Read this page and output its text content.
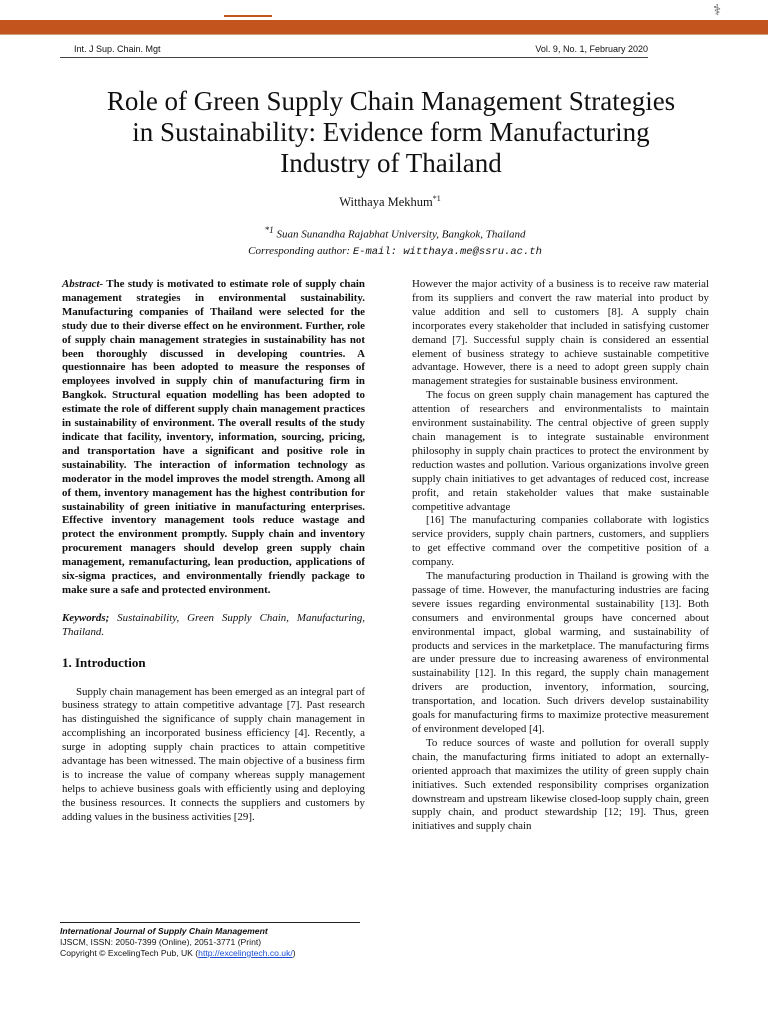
⚕
Int. J Sup. Chain. Mgt	Vol. 9, No. 1, February 2020
Role of Green Supply Chain Management Strategies in Sustainability: Evidence form Manufacturing Industry of Thailand
Witthaya Mekhum$^{*1}$
$^{*1}$ Suan Sunandha Rajabhat University, Bangkok, Thailand
Corresponding author: E-mail: witthaya.me@ssru.ac.th

Abstract- The study is motivated to estimate role of supply chain management strategies in environmental sustainability. Manufacturing companies of Thailand were selected for the study due to their diverse effect on he environment. Further, role of supply chain management strategies in sustainability has not been thoroughly discussed in developing countries. A questionnaire has been adopted to measure the responses of employees involved in supply chin of manufacturing firm in Bangkok. Structural equation modelling has been adopted to estimate the role of different supply chain management practices in sustainability of environment. The overall results of the study indicate that facility, inventory, information, sourcing, pricing, and transportation have a significant and positive role in sustainability. The interaction of information technology as moderator in the model improves the model strength. Among all of them, inventory management has the highest contribution for sustainability of green initiative in manufacturing enterprises. Effective inventory management tools reduce wastage and protect the environment promptly. Supply chain and inventory procurement managers should develop green supply chain management, remanufacturing, lean production, applications of six-sigma practices, and environmentally friendly package to make sure a safe and protected environment.

Keywords; Sustainability, Green Supply Chain, Manufacturing, Thailand.

1. Introduction

Supply chain management has been emerged as an integral part of business strategy to attain competitive advantage [7]. Past research has distinguished the significance of supply chain management in accomplishing an incorporated business efficiency [4]. Recently, a surge in adopting supply chain practices to attain competitive advantage has been witnessed. The main objective of a business firm is to increase the value of company whereas supply management helps to achieve business goals with efficiently using and deploying the business resources. It connects the suppliers and customers by adding values in the business activities [29].

However the major activity of a business is to receive raw material from its suppliers and convert the raw material into product by value addition and sell to customers [8]. A supply chain incorporates every stakeholder that included in satisfying customer demand [7]. Successful supply chain is considered an essential element of business strategy to achieve sustainable competitive advantage. However, there is a need to adopt green supply chain management strategies for sustainable business environment.

The focus on green supply chain management has captured the attention of researchers and environmentalists to maintain environment sustainability. The central objective of green supply chain management is to integrate sustainable environment philosophy in supply chain practices to protect the environment by reduction wastes and pollution. Various organizations involve green supply chain initiatives to get advantages of reduced cost, increase profit, and retain stakeholder values that make sustainable competitive advantage

[16] The manufacturing companies collaborate with logistics service providers, supply chain partners, customers, and suppliers to get effective command over the competitive position of a company.

The manufacturing production in Thailand is growing with the passage of time. However, the manufacturing industries are facing severe issues regarding environmental sustainability [13]. Both consumers and environmental groups have concerned about environmental impact, global warming, and sustainability of products and services in the marketplace. The manufacturing firms are under pressure due to increasing awareness of environmental sustainability [12]. In this regard, the supply chain management drivers are production, inventory, information, sourcing, transportation, and location. Such drivers develop sustainability goals for manufacturing firms to maximize protective measurement of environment developed [4].

To reduce sources of waste and pollution for overall supply chain, the manufacturing firms initiated to adopt an externally-oriented approach that maximizes the utility of green supply chain initiatives. Such extended responsibility comprises organization downstream and upstream likewise closed-loop supply chain, green supply chain, and product stewardship [12; 19]. Thus, green initiatives and supply chain

International Journal of Supply Chain Management
IJSCM, ISSN: 2050-7399 (Online), 2051-3771 (Print)
Copyright © ExcelingTech Pub, UK (http://excelingtech.co.uk/)
